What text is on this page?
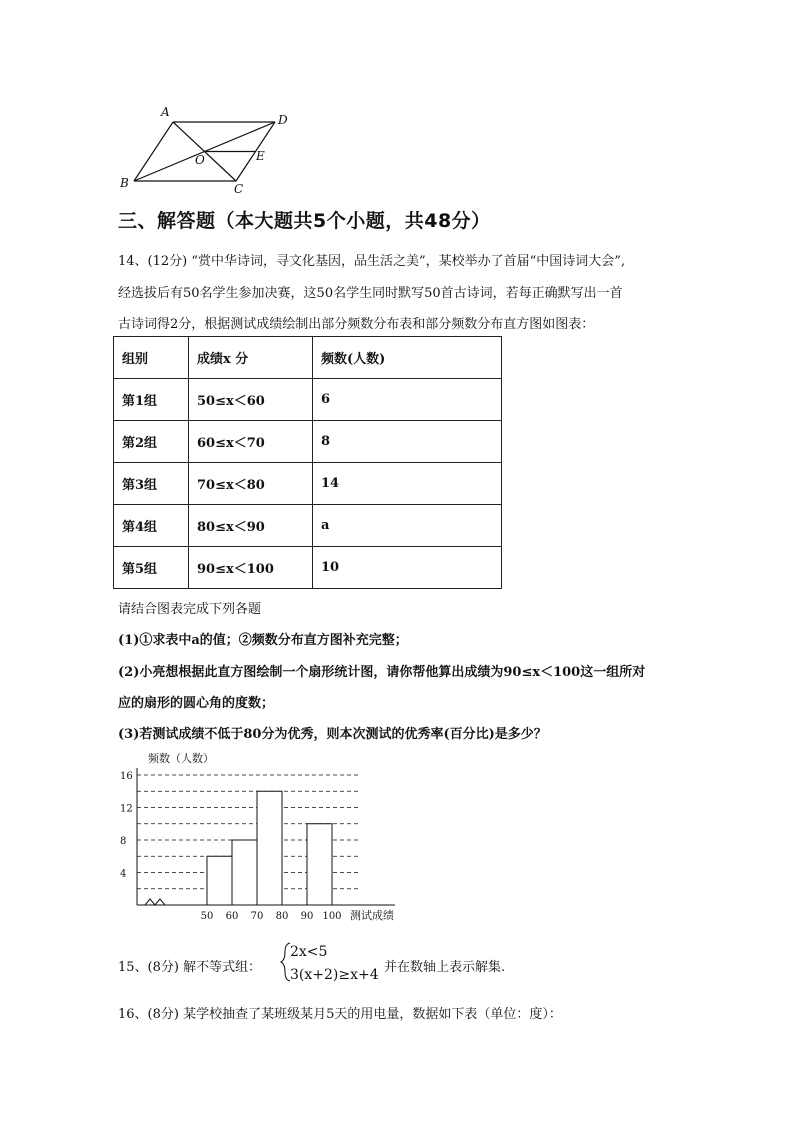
A
D
O	E
B	C
三、解答题（本大题共5个小题，共48分）
14、(12分) “赏中华诗词，寻文化基因，品生活之美”，某校举办了首届“中国诗词大会”,
经选拔后有50名学生参加决赛，这50名学生同时默写50首古诗词，若每正确默写出一首
古诗词得2分，根据测试成绩绘制出部分频数分布表和部分频数分布直方图如图表：
组别	成绩x 分	频数(人数)
第1组	50≤x＜60	6
第2组	60≤x＜70	8
第3组	70≤x＜80	14
第4组	80≤x＜90	a
第5组	90≤x＜100	10
请结合图表完成下列各题
(1)①求表中a的值；②频数分布直方图补充完整；
(2)小亮想根据此直方图绘制一个扇形统计图，请你帮他算出成绩为90≤x＜100这一组所对
应的扇形的圆心角的度数；
(3)若测试成绩不低于80分为优秀，则本次测试的优秀率(百分比)是多少？
4
8
12
16
50 60 70 80 90 100
频数（人数）
测试成绩
15、(8分) 解不等式组：
2x<5
3(x+2)≥x+4 并在数轴上表示解集.
16、(8分) 某学校抽查了某班级某月5天的用电量，数据如下表（单位：度）：
